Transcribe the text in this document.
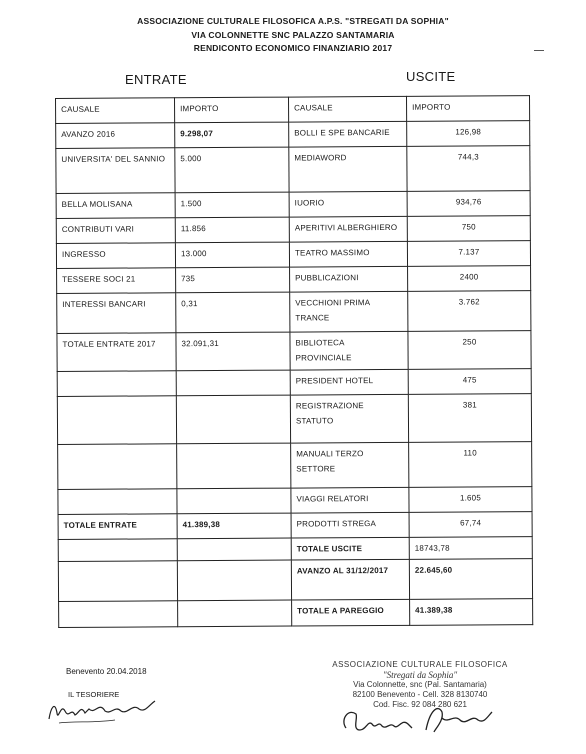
ASSOCIAZIONE CULTURALE FILOSOFICA A.P.S. "STREGATI DA SOPHIA"
VIA COLONNETTE SNC PALAZZO SANTAMARIA
RENDICONTO ECONOMICO FINANZIARIO 2017
ENTRATE	USCITE
CAUSALE	IMPORTO	CAUSALE	IMPORTO
AVANZO 2016	9.298,07	BOLLI E SPE BANCARIE	126,98
UNIVERSITA' DEL SANNIO	5.000	MEDIAWORD	744,3
BELLA MOLISANA	1.500	IUORIO	934,76
CONTRIBUTI VARI	11.856	APERITIVI ALBERGHIERO	750
INGRESSO	13.000	TEATRO MASSIMO	7.137
TESSERE SOCI 21	735	PUBBLICAZIONI	2400
INTERESSI BANCARI	0,31	VECCHIONI PRIMA TRANCE	3.762
TOTALE ENTRATE 2017	32.091,31	BIBLIOTECA PROVINCIALE	250
		PRESIDENT HOTEL	475
		REGISTRAZIONE STATUTO	381
		MANUALI TERZO SETTORE	110
		VIAGGI RELATORI	1.605
TOTALE ENTRATE	41.389,38	PRODOTTI STREGA	67,74
		TOTALE USCITE	18743,78
		AVANZO AL 31/12/2017	22.645,60
		TOTALE A PAREGGIO	41.389,38
Benevento 20.04.2018
IL TESORIERE
ASSOCIAZIONE CULTURALE FILOSOFICA
"Stregati da Sophia"
Via Colonnette, snc (Pal. Santamaria)
82100 Benevento - Cell. 328 8130740
Cod. Fisc. 92 084 280 621
